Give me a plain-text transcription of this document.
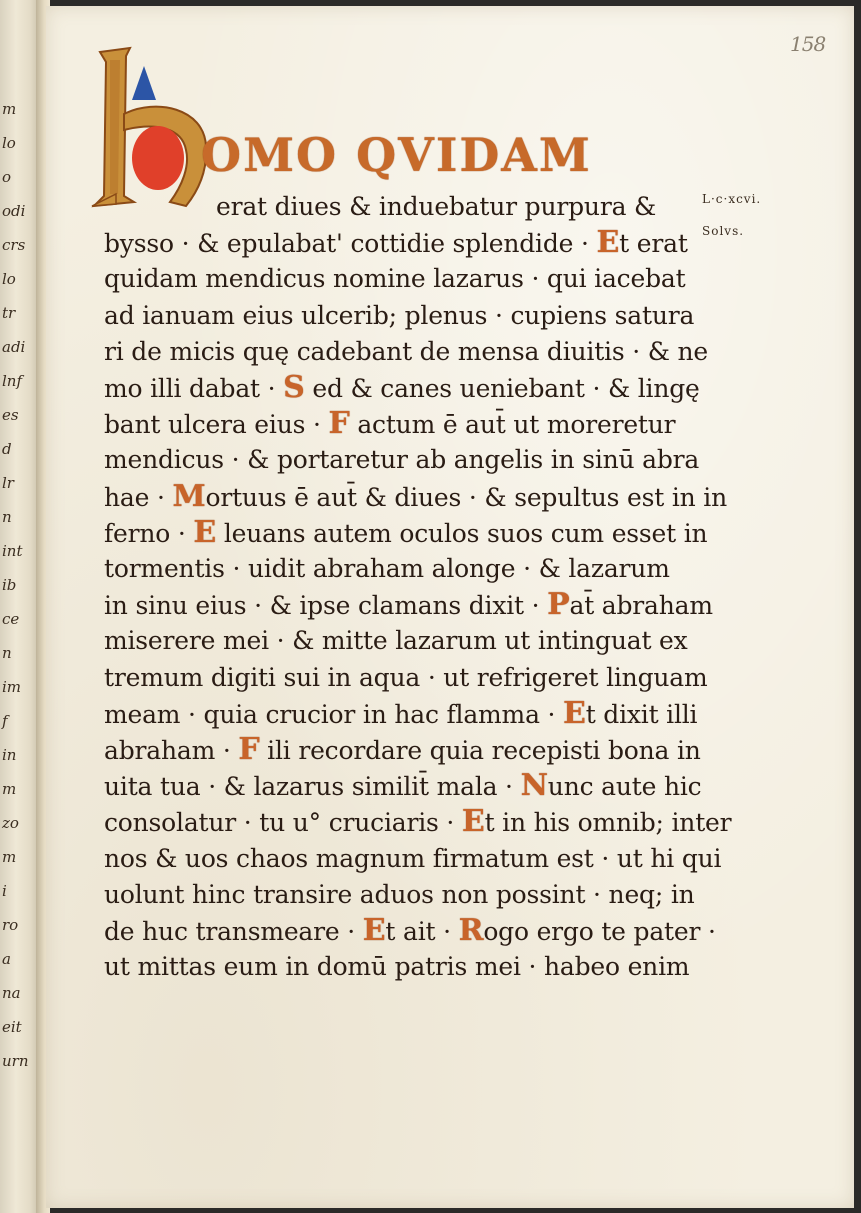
m
lo
o
odi
crs
lo
tr
adi
lnf
es
d
lr
n
int
ib
ce
n
im
f
in
m
zo
m
i
ro
a
na
eit
urn
158
L·c·xcvi.
Solvs.
OMO QVIDAM
erat diues & induebatur purpura &
bysso · & epulabat' cottidie splendide · Et erat
quidam mendicus nomine lazarus · qui iacebat
ad ianuam eius ulcerib; plenus · cupiens satura
ri de micis quę cadebant de mensa diuitis · & ne
mo illi dabat · S ed & canes ueniebant · & lingę
bant ulcera eius · F actum ē aut̄ ut moreretur
mendicus · & portaretur ab angelis in sinū abra
hae · Mortuus ē aut̄ & diues · & sepultus est in in
ferno · E leuans autem oculos suos cum esset in
tormentis · uidit abraham alonge · & lazarum
in sinu eius · & ipse clamans dixit · Pat̄ abraham
miserere mei · & mitte lazarum ut intinguat ex
tremum digiti sui in aqua · ut refrigeret linguam
meam · quia crucior in hac flamma · Et dixit illi
abraham · F ili recordare quia recepisti bona in
uita tua · & lazarus similit̄ mala · Nunc aute hic
consolatur · tu u° cruciaris · Et in his omnib; inter
nos & uos chaos magnum firmatum est · ut hi qui
uolunt hinc transire aduos non possint · neq; in
de huc transmeare · Et ait · Rogo ergo te pater ·
ut mittas eum in domū patris mei · habeo enim
